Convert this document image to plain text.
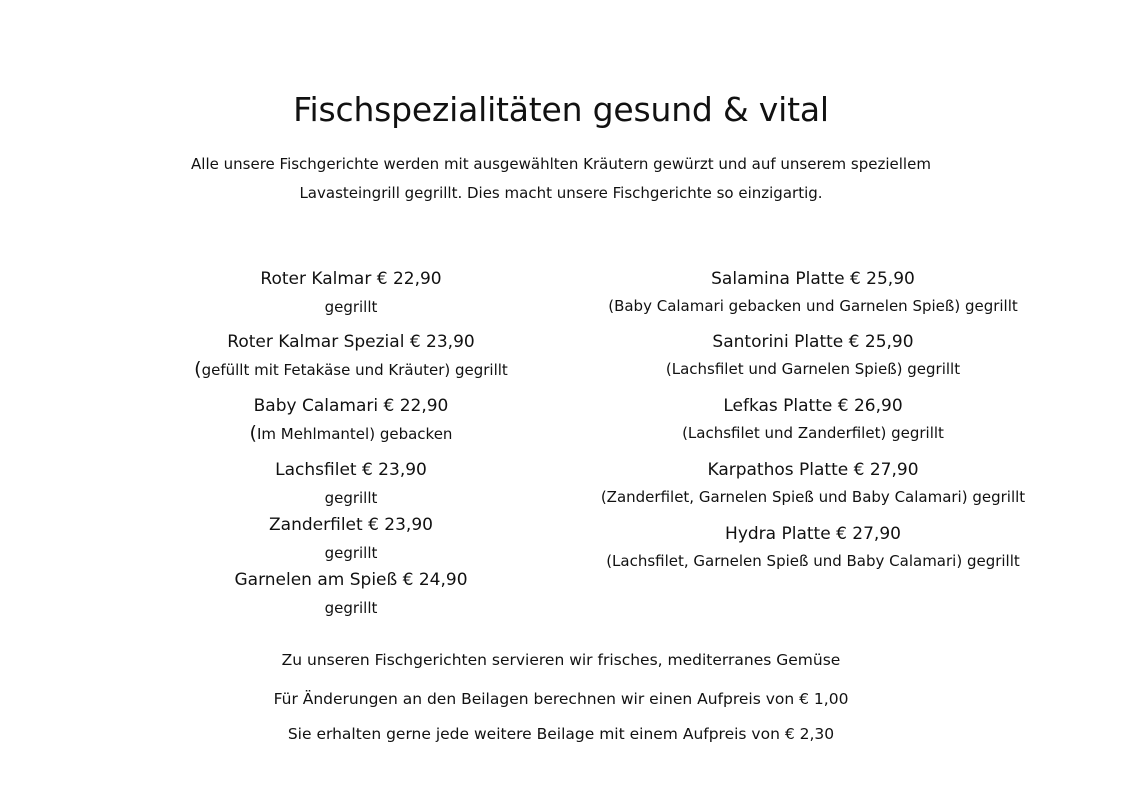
Fischspezialitäten gesund & vital
Alle unsere Fischgerichte werden mit ausgewählten Kräutern gewürzt und auf unserem speziellem
Lavasteingrill gegrillt. Dies macht unsere Fischgerichte so einzigartig.
Roter Kalmar € 22,90
gegrillt
Roter Kalmar Spezial € 23,90
(gefüllt mit Fetakäse und Kräuter) gegrillt
Baby Calamari € 22,90
(Im Mehlmantel) gebacken
Lachsfilet € 23,90
gegrillt
Zanderfilet € 23,90
gegrillt
Garnelen am Spieß € 24,90
gegrillt
Salamina Platte € 25,90
(Baby Calamari gebacken und Garnelen Spieß) gegrillt
Santorini Platte € 25,90
(Lachsfilet und Garnelen Spieß) gegrillt
Lefkas Platte € 26,90
(Lachsfilet und Zanderfilet) gegrillt
Karpathos Platte € 27,90
(Zanderfilet, Garnelen Spieß und Baby Calamari) gegrillt
Hydra Platte € 27,90
(Lachsfilet, Garnelen Spieß und Baby Calamari) gegrillt
Zu unseren Fischgerichten servieren wir frisches, mediterranes Gemüse
Für Änderungen an den Beilagen berechnen wir einen Aufpreis von € 1,00
Sie erhalten gerne jede weitere Beilage mit einem Aufpreis von € 2,30
